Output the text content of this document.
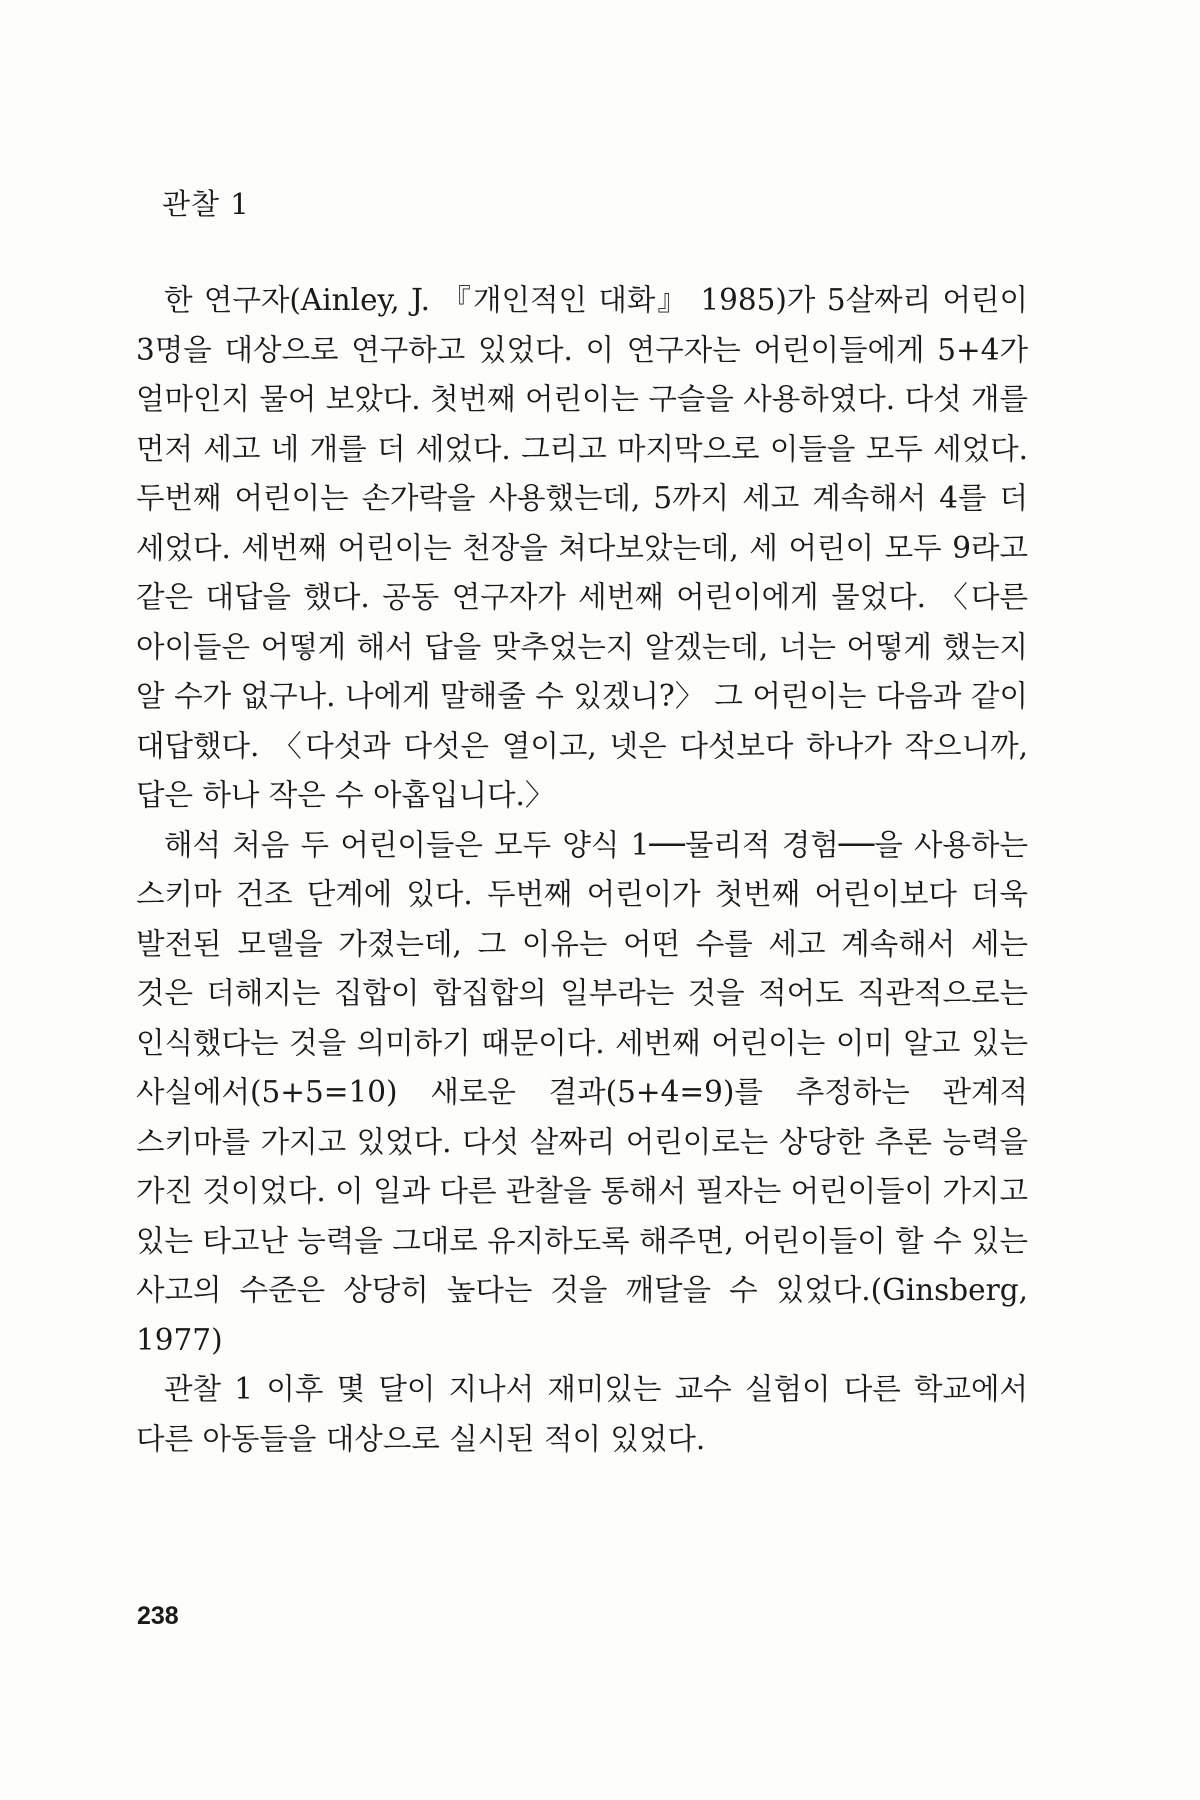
관찰 1

한 연구자(Ainley, J. 『개인적인 대화』 1985)가 5살짜리 어린이 3명을 대상으로 연구하고 있었다. 이 연구자는 어린이들에게 5+4가 얼마인지 물어 보았다. 첫번째 어린이는 구슬을 사용하였다. 다섯 개를 먼저 세고 네 개를 더 세었다. 그리고 마지막으로 이들을 모두 세었다. 두번째 어린이는 손가락을 사용했는데, 5까지 세고 계속해서 4를 더 세었다. 세번째 어린이는 천장을 쳐다보았는데, 세 어린이 모두 9라고 같은 대답을 했다. 공동 연구자가 세번째 어린이에게 물었다. 〈다른 아이들은 어떻게 해서 답을 맞추었는지 알겠는데, 너는 어떻게 했는지 알 수가 없구나. 나에게 말해줄 수 있겠니?〉 그 어린이는 다음과 같이 대답했다. 〈다섯과 다섯은 열이고, 넷은 다섯보다 하나가 작으니까, 답은 하나 작은 수 아홉입니다.〉

해석 처음 두 어린이들은 모두 양식 1──물리적 경험──을 사용하는 스키마 건조 단계에 있다. 두번째 어린이가 첫번째 어린이보다 더욱 발전된 모델을 가졌는데, 그 이유는 어떤 수를 세고 계속해서 세는 것은 더해지는 집합이 합집합의 일부라는 것을 적어도 직관적으로는 인식했다는 것을 의미하기 때문이다. 세번째 어린이는 이미 알고 있는 사실에서(5+5=10) 새로운 결과(5+4=9)를 추정하는 관계적 스키마를 가지고 있었다. 다섯 살짜리 어린이로는 상당한 추론 능력을 가진 것이었다. 이 일과 다른 관찰을 통해서 필자는 어린이들이 가지고 있는 타고난 능력을 그대로 유지하도록 해주면, 어린이들이 할 수 있는 사고의 수준은 상당히 높다는 것을 깨달을 수 있었다.(Ginsberg, 1977)

관찰 1 이후 몇 달이 지나서 재미있는 교수 실험이 다른 학교에서 다른 아동들을 대상으로 실시된 적이 있었다.

238
